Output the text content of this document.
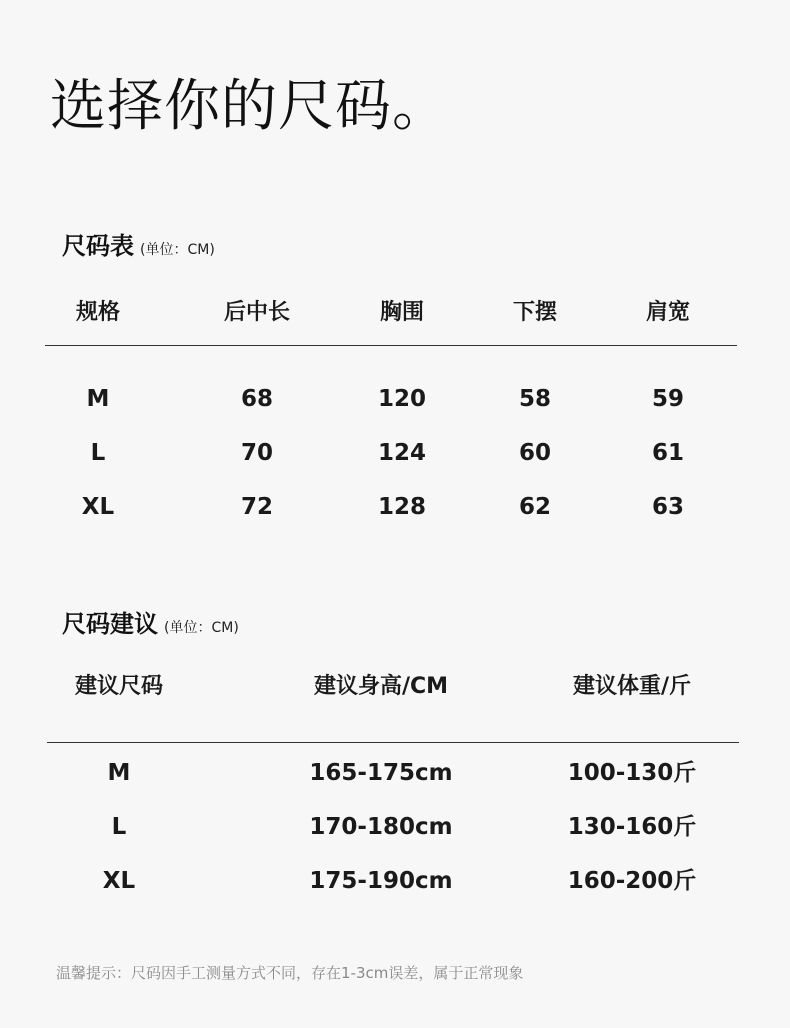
选择你的尺码。
尺码表 (单位：CM)
规格	后中长	胸围	下摆	肩宽
M	68	120	58	59
L	70	124	60	61
XL	72	128	62	63
尺码建议 (单位：CM)
建议尺码	建议身高/CM	建议体重/斤
M	165-175cm	100-130斤
L	170-180cm	130-160斤
XL	175-190cm	160-200斤
温馨提示：尺码因手工测量方式不同，存在1-3cm误差，属于正常现象
